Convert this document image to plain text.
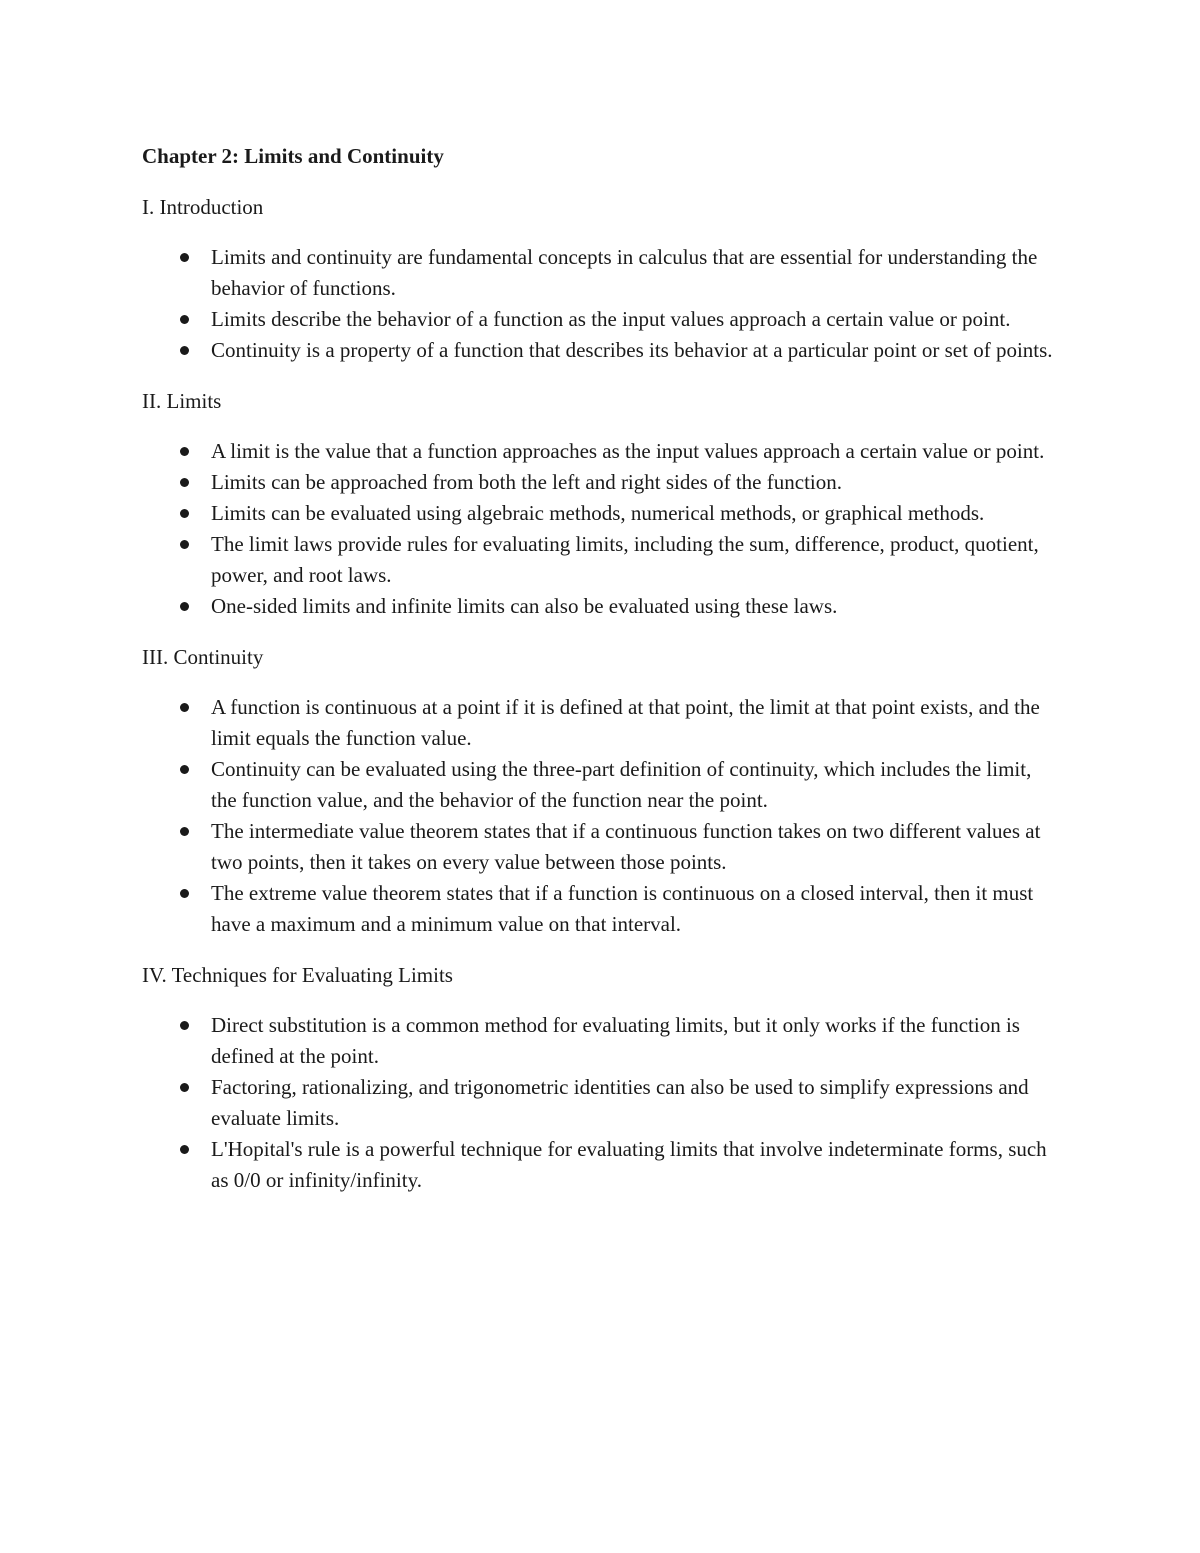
Chapter 2: Limits and Continuity
I. Introduction
Limits and continuity are fundamental concepts in calculus that are essential for understanding the behavior of functions.
Limits describe the behavior of a function as the input values approach a certain value or point.
Continuity is a property of a function that describes its behavior at a particular point or set of points.
II. Limits
A limit is the value that a function approaches as the input values approach a certain value or point.
Limits can be approached from both the left and right sides of the function.
Limits can be evaluated using algebraic methods, numerical methods, or graphical methods.
The limit laws provide rules for evaluating limits, including the sum, difference, product, quotient, power, and root laws.
One-sided limits and infinite limits can also be evaluated using these laws.
III. Continuity
A function is continuous at a point if it is defined at that point, the limit at that point exists, and the limit equals the function value.
Continuity can be evaluated using the three-part definition of continuity, which includes the limit, the function value, and the behavior of the function near the point.
The intermediate value theorem states that if a continuous function takes on two different values at two points, then it takes on every value between those points.
The extreme value theorem states that if a function is continuous on a closed interval, then it must have a maximum and a minimum value on that interval.
IV. Techniques for Evaluating Limits
Direct substitution is a common method for evaluating limits, but it only works if the function is defined at the point.
Factoring, rationalizing, and trigonometric identities can also be used to simplify expressions and evaluate limits.
L'Hopital's rule is a powerful technique for evaluating limits that involve indeterminate forms, such as 0/0 or infinity/infinity.
